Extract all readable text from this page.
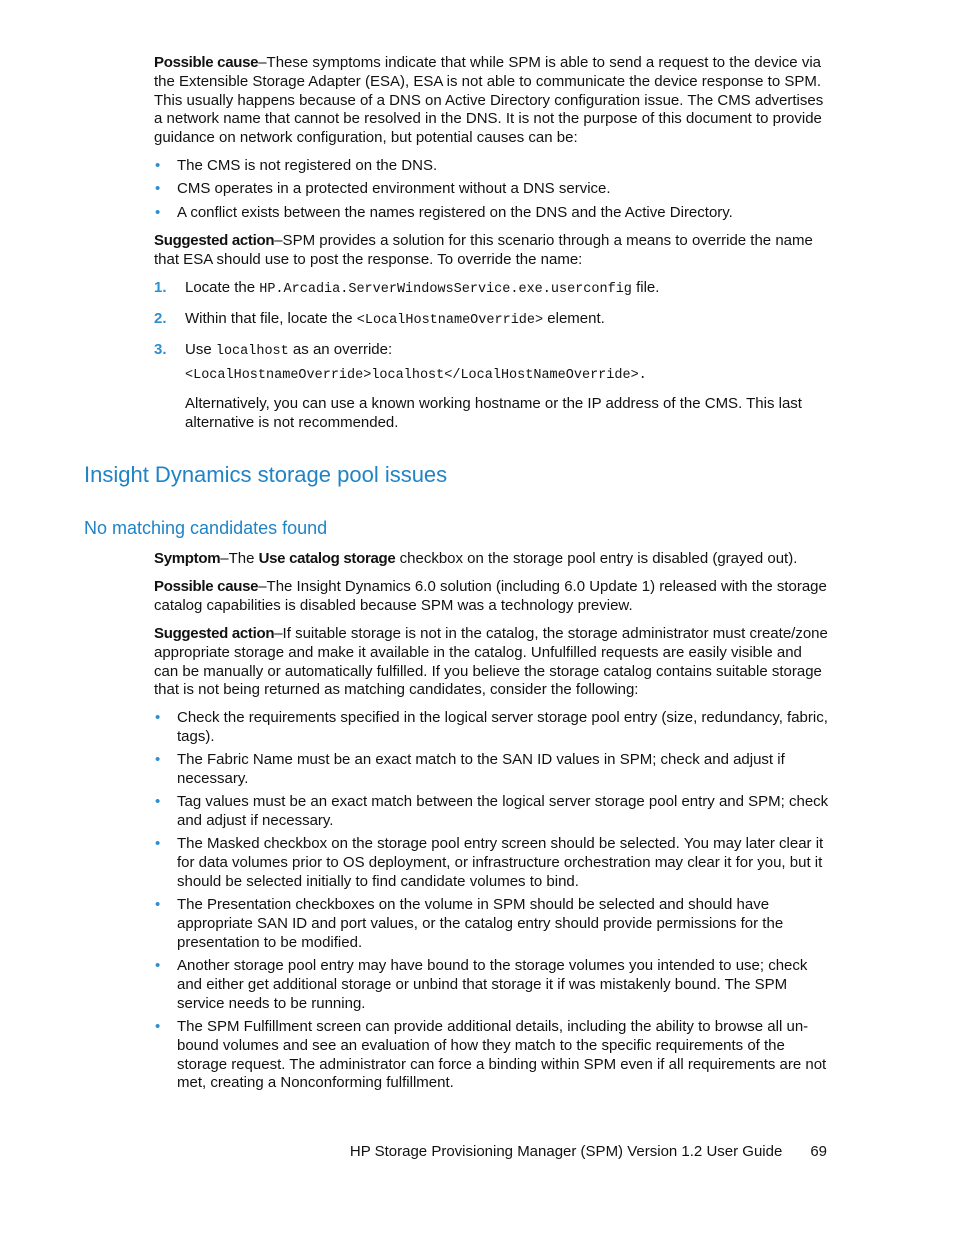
Possible cause–These symptoms indicate that while SPM is able to send a request to the device via the Extensible Storage Adapter (ESA), ESA is not able to communicate the device response to SPM. This usually happens because of a DNS on Active Directory configuration issue. The CMS advertises a network name that cannot be resolved in the DNS. It is not the purpose of this document to provide guidance on network configuration, but potential causes can be:

• The CMS is not registered on the DNS.
• CMS operates in a protected environment without a DNS service.
• A conflict exists between the names registered on the DNS and the Active Directory.

Suggested action–SPM provides a solution for this scenario through a means to override the name that ESA should use to post the response. To override the name:

1. Locate the HP.Arcadia.ServerWindowsService.exe.userconfig file.
2. Within that file, locate the <LocalHostnameOverride> element.
3. Use localhost as an override:

<LocalHostnameOverride>localhost</LocalHostNameOverride>.

Alternatively, you can use a known working hostname or the IP address of the CMS. This last alternative is not recommended.

Insight Dynamics storage pool issues
No matching candidates found

Symptom–The Use catalog storage checkbox on the storage pool entry is disabled (grayed out).

Possible cause–The Insight Dynamics 6.0 solution (including 6.0 Update 1) released with the storage catalog capabilities is disabled because SPM was a technology preview.

Suggested action–If suitable storage is not in the catalog, the storage administrator must create/zone appropriate storage and make it available in the catalog. Unfulfilled requests are easily visible and can be manually or automatically fulfilled. If you believe the storage catalog contains suitable storage that is not being returned as matching candidates, consider the following:

• Check the requirements specified in the logical server storage pool entry (size, redundancy, fabric, tags).
• The Fabric Name must be an exact match to the SAN ID values in SPM; check and adjust if necessary.
• Tag values must be an exact match between the logical server storage pool entry and SPM; check and adjust if necessary.
• The Masked checkbox on the storage pool entry screen should be selected. You may later clear it for data volumes prior to OS deployment, or infrastructure orchestration may clear it for you, but it should be selected initially to find candidate volumes to bind.
• The Presentation checkboxes on the volume in SPM should be selected and should have appropriate SAN ID and port values, or the catalog entry should provide permissions for the presentation to be modified.
• Another storage pool entry may have bound to the storage volumes you intended to use; check and either get additional storage or unbind that storage it if was mistakenly bound. The SPM service needs to be running.
• The SPM Fulfillment screen can provide additional details, including the ability to browse all unbound volumes and see an evaluation of how they match to the specific requirements of the storage request. The administrator can force a binding within SPM even if all requirements are not met, creating a Nonconforming fulfillment.
HP Storage Provisioning Manager (SPM) Version 1.2 User Guide 69
